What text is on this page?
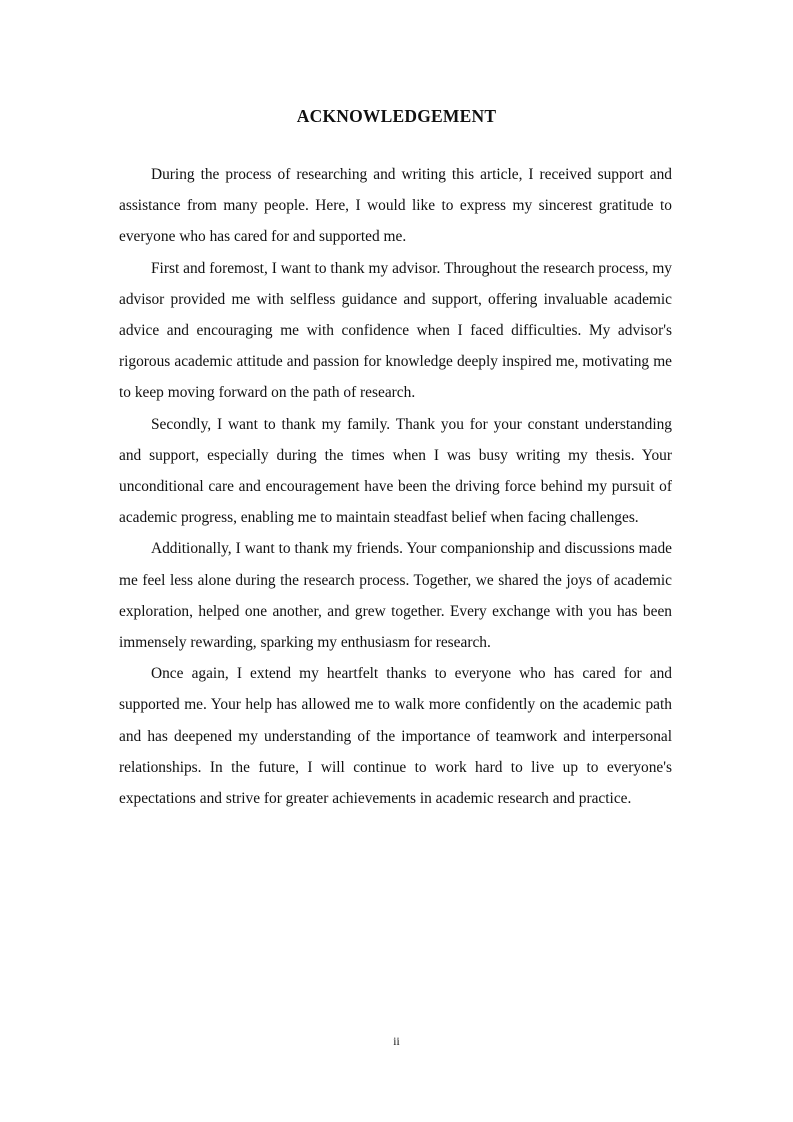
ACKNOWLEDGEMENT

During the process of researching and writing this article, I received support and assistance from many people. Here, I would like to express my sincerest gratitude to everyone who has cared for and supported me.

First and foremost, I want to thank my advisor. Throughout the research process, my advisor provided me with selfless guidance and support, offering invaluable academic advice and encouraging me with confidence when I faced difficulties. My advisor's rigorous academic attitude and passion for knowledge deeply inspired me, motivating me to keep moving forward on the path of research.

Secondly, I want to thank my family. Thank you for your constant understanding and support, especially during the times when I was busy writing my thesis. Your unconditional care and encouragement have been the driving force behind my pursuit of academic progress, enabling me to maintain steadfast belief when facing challenges.

Additionally, I want to thank my friends. Your companionship and discussions made me feel less alone during the research process. Together, we shared the joys of academic exploration, helped one another, and grew together. Every exchange with you has been immensely rewarding, sparking my enthusiasm for research.

Once again, I extend my heartfelt thanks to everyone who has cared for and supported me. Your help has allowed me to walk more confidently on the academic path and has deepened my understanding of the importance of teamwork and interpersonal relationships. In the future, I will continue to work hard to live up to everyone's expectations and strive for greater achievements in academic research and practice.

ii
